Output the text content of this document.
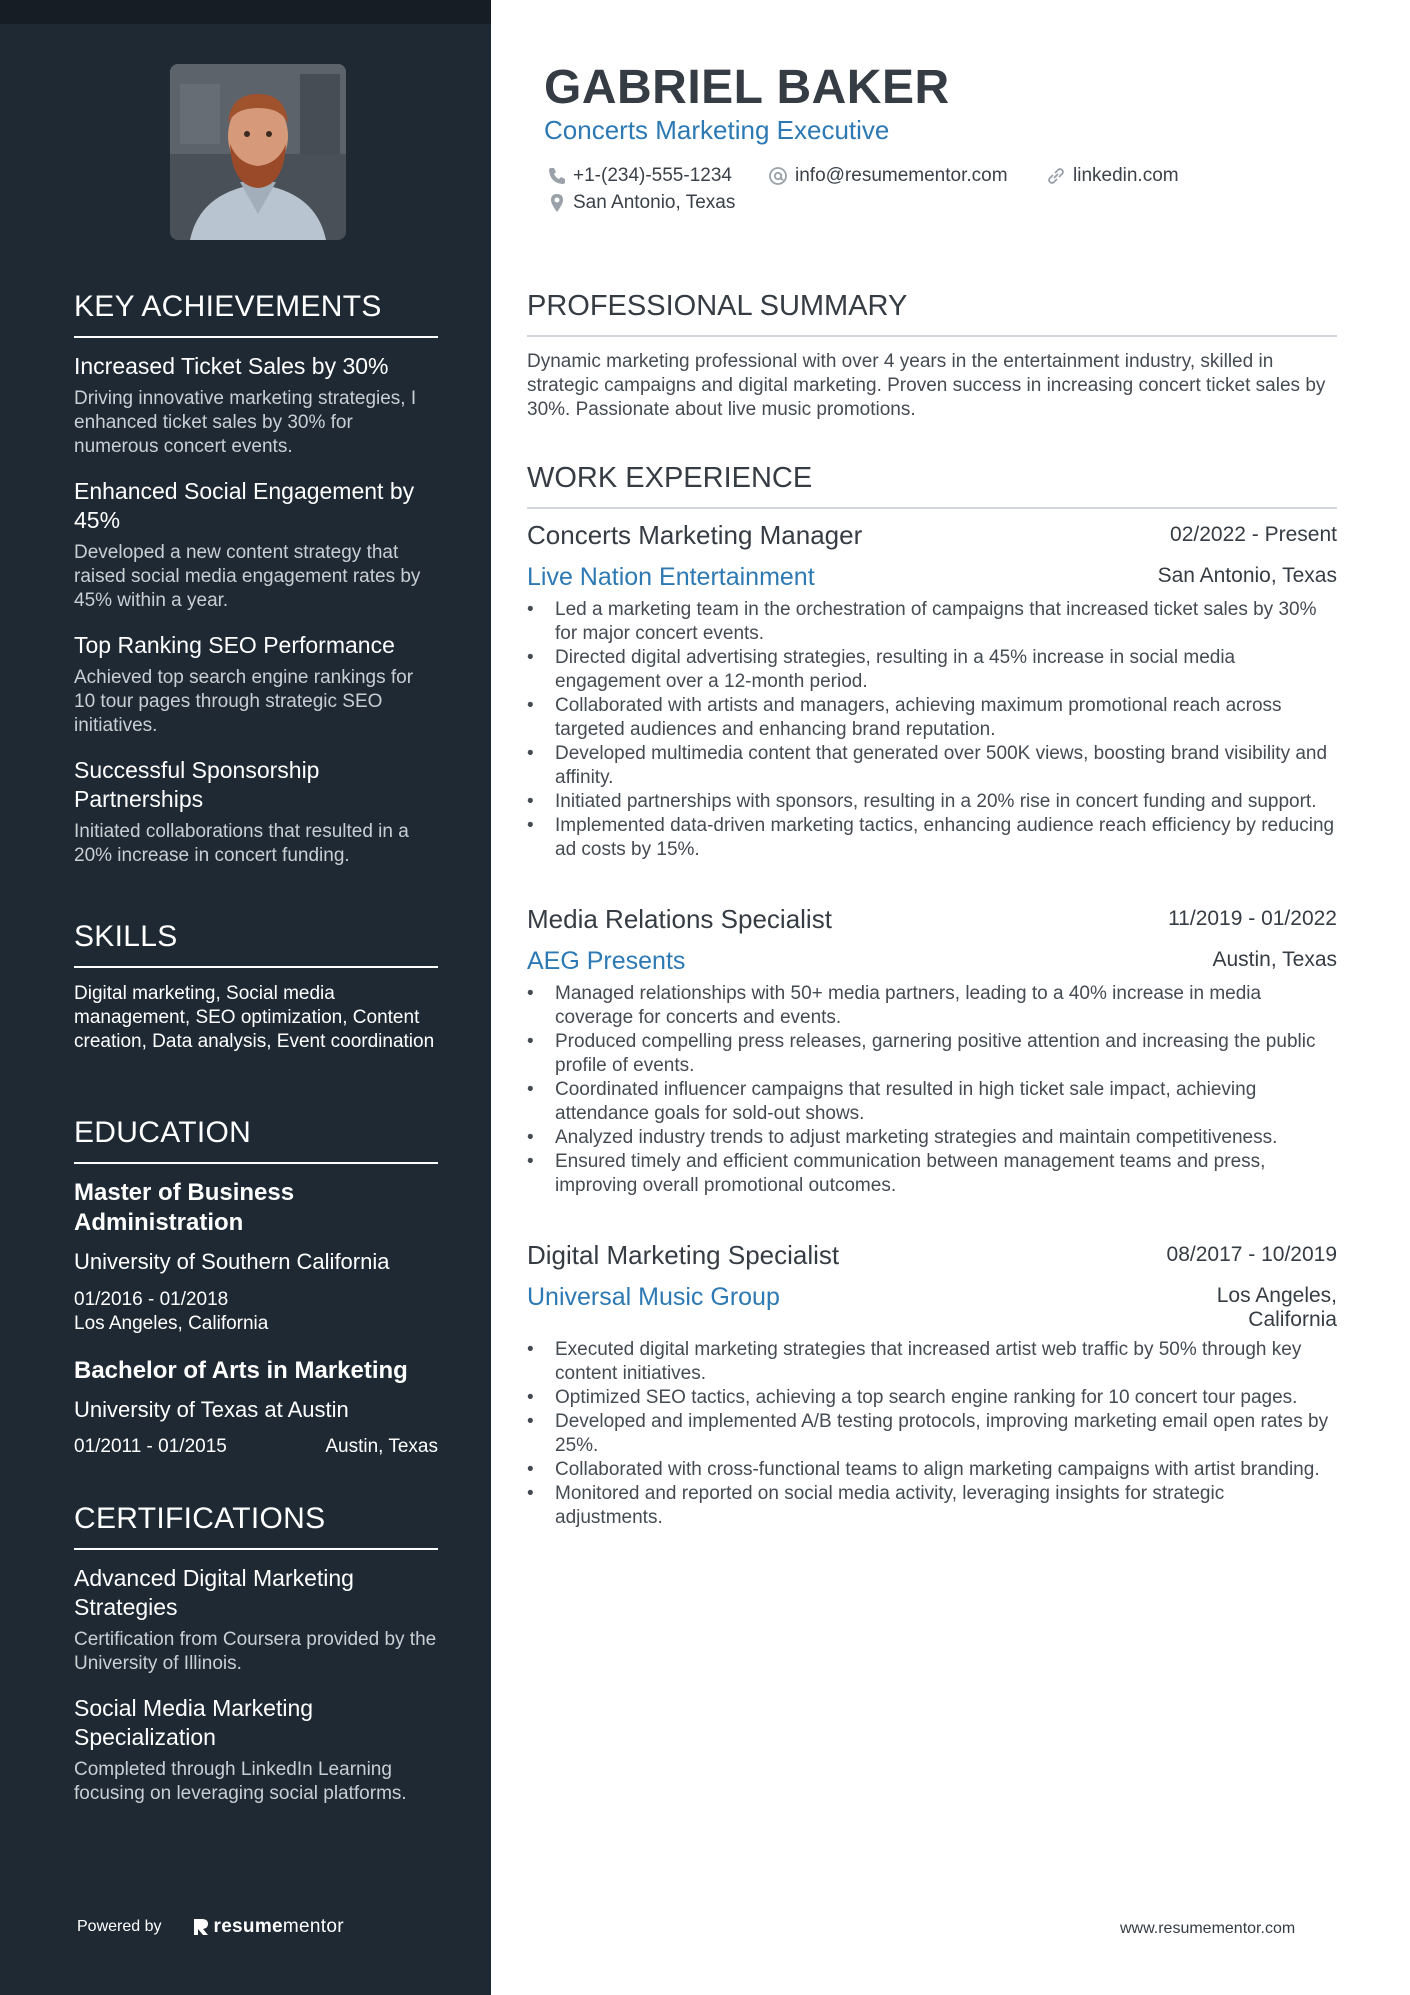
KEY ACHIEVEMENTS
Increased Ticket Sales by 30%
Driving innovative marketing strategies, I enhanced ticket sales by 30% for numerous concert events.
Enhanced Social Engagement by 45%
Developed a new content strategy that raised social media engagement rates by 45% within a year.
Top Ranking SEO Performance
Achieved top search engine rankings for 10 tour pages through strategic SEO initiatives.
Successful Sponsorship Partnerships
Initiated collaborations that resulted in a 20% increase in concert funding.
SKILLS
Digital marketing, Social media management, SEO optimization, Content creation, Data analysis, Event coordination
EDUCATION
Master of Business Administration
University of Southern California
01/2016 - 01/2018
Los Angeles, California
Bachelor of Arts in Marketing
University of Texas at Austin
01/2011 - 01/2015	Austin, Texas
CERTIFICATIONS
Advanced Digital Marketing Strategies
Certification from Coursera provided by the University of Illinois.
Social Media Marketing Specialization
Completed through LinkedIn Learning focusing on leveraging social platforms.
Powered by	resume mentor
GABRIEL BAKER
Concerts Marketing Executive
+1-(234)-555-1234	info@resumementor.com	linkedin.com
San Antonio, Texas
PROFESSIONAL SUMMARY
Dynamic marketing professional with over 4 years in the entertainment industry, skilled in strategic campaigns and digital marketing. Proven success in increasing concert ticket sales by 30%. Passionate about live music promotions.
WORK EXPERIENCE
Concerts Marketing Manager	02/2022 - Present
Live Nation Entertainment	San Antonio, Texas
• Led a marketing team in the orchestration of campaigns that increased ticket sales by 30% for major concert events.
• Directed digital advertising strategies, resulting in a 45% increase in social media engagement over a 12-month period.
• Collaborated with artists and managers, achieving maximum promotional reach across targeted audiences and enhancing brand reputation.
• Developed multimedia content that generated over 500K views, boosting brand visibility and affinity.
• Initiated partnerships with sponsors, resulting in a 20% rise in concert funding and support.
• Implemented data-driven marketing tactics, enhancing audience reach efficiency by reducing ad costs by 15%.
Media Relations Specialist	11/2019 - 01/2022
AEG Presents	Austin, Texas
• Managed relationships with 50+ media partners, leading to a 40% increase in media coverage for concerts and events.
• Produced compelling press releases, garnering positive attention and increasing the public profile of events.
• Coordinated influencer campaigns that resulted in high ticket sale impact, achieving attendance goals for sold-out shows.
• Analyzed industry trends to adjust marketing strategies and maintain competitiveness.
• Ensured timely and efficient communication between management teams and press, improving overall promotional outcomes.
Digital Marketing Specialist	08/2017 - 10/2019
Universal Music Group	Los Angeles, California
• Executed digital marketing strategies that increased artist web traffic by 50% through key content initiatives.
• Optimized SEO tactics, achieving a top search engine ranking for 10 concert tour pages.
• Developed and implemented A/B testing protocols, improving marketing email open rates by 25%.
• Collaborated with cross-functional teams to align marketing campaigns with artist branding.
• Monitored and reported on social media activity, leveraging insights for strategic adjustments.
www.resumementor.com
